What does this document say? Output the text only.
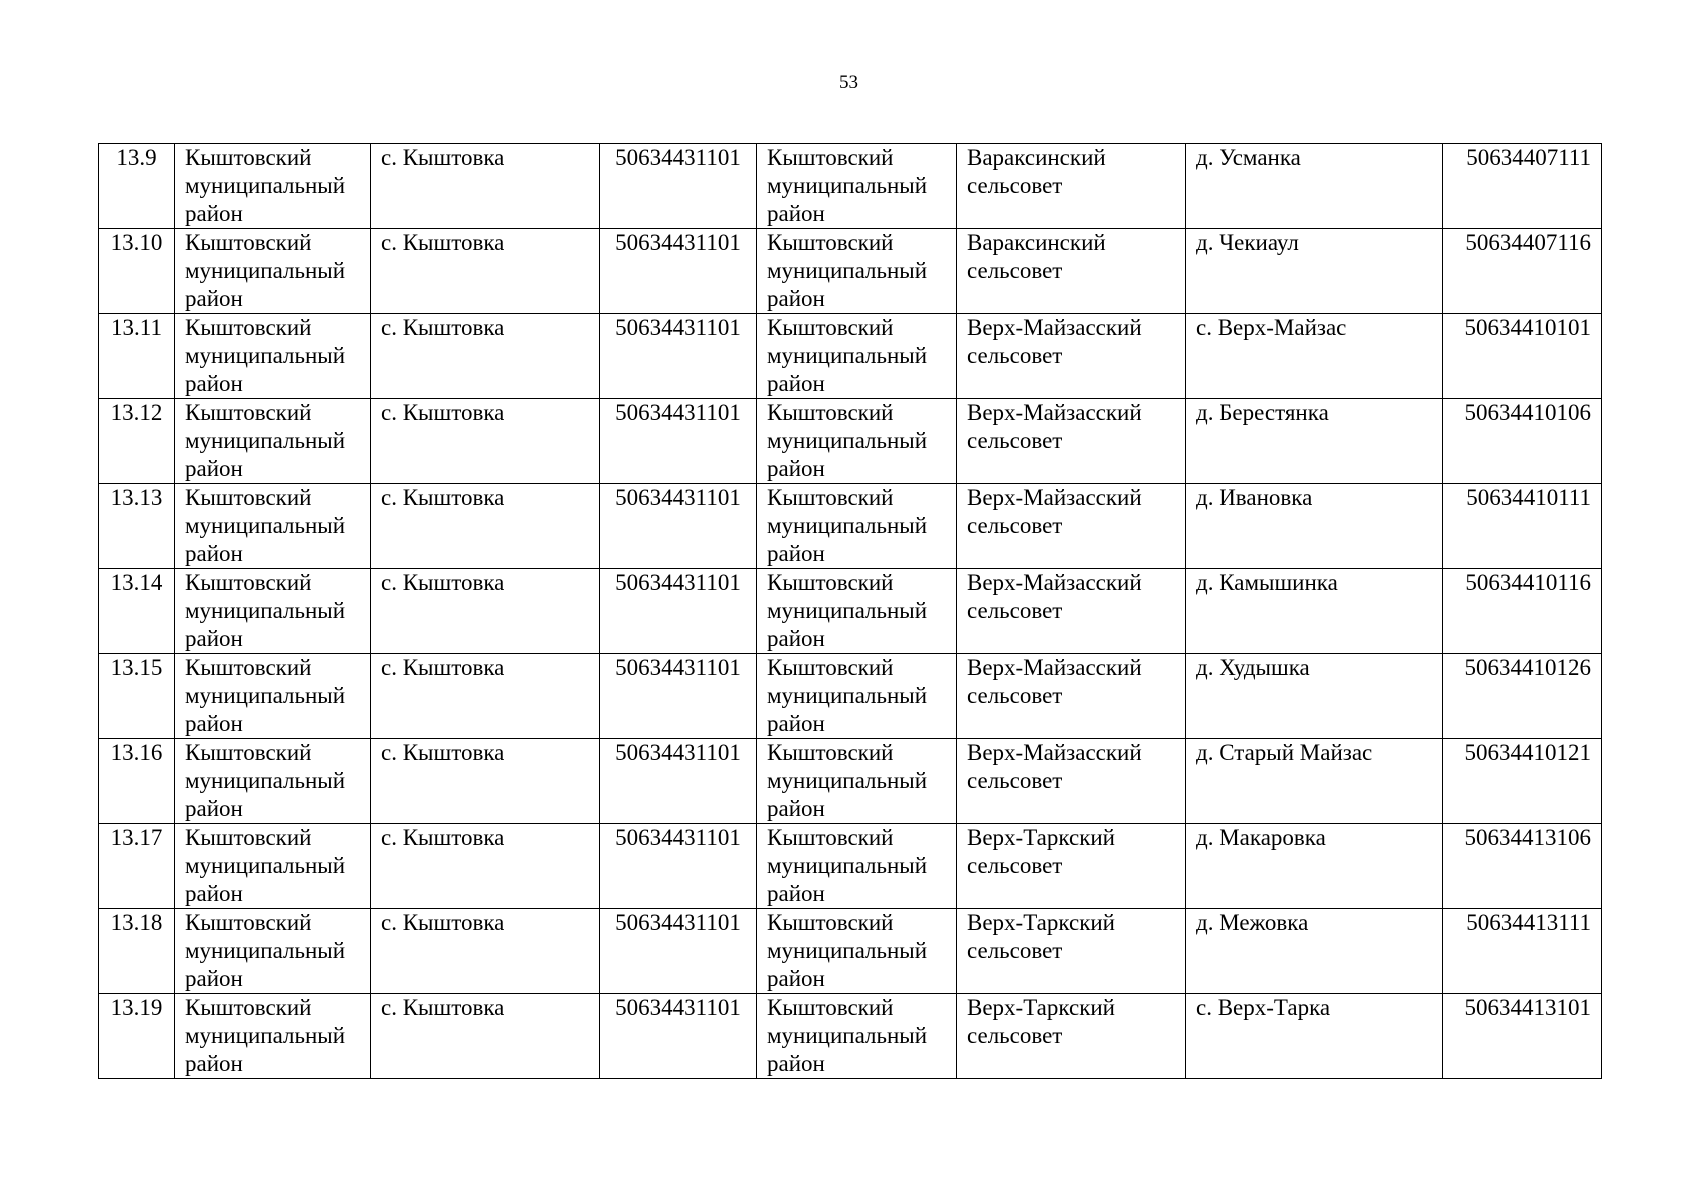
53
13.9	Кыштовский муниципальный район	с. Кыштовка	50634431101	Кыштовский муниципальный район	Вараксинский сельсовет	д. Усманка	50634407111
13.10	Кыштовский муниципальный район	с. Кыштовка	50634431101	Кыштовский муниципальный район	Вараксинский сельсовет	д. Чекиаул	50634407116
13.11	Кыштовский муниципальный район	с. Кыштовка	50634431101	Кыштовский муниципальный район	Верх-Майзасский сельсовет	с. Верх-Майзас	50634410101
13.12	Кыштовский муниципальный район	с. Кыштовка	50634431101	Кыштовский муниципальный район	Верх-Майзасский сельсовет	д. Берестянка	50634410106
13.13	Кыштовский муниципальный район	с. Кыштовка	50634431101	Кыштовский муниципальный район	Верх-Майзасский сельсовет	д. Ивановка	50634410111
13.14	Кыштовский муниципальный район	с. Кыштовка	50634431101	Кыштовский муниципальный район	Верх-Майзасский сельсовет	д. Камышинка	50634410116
13.15	Кыштовский муниципальный район	с. Кыштовка	50634431101	Кыштовский муниципальный район	Верх-Майзасский сельсовет	д. Худышка	50634410126
13.16	Кыштовский муниципальный район	с. Кыштовка	50634431101	Кыштовский муниципальный район	Верх-Майзасский сельсовет	д. Старый Майзас	50634410121
13.17	Кыштовский муниципальный район	с. Кыштовка	50634431101	Кыштовский муниципальный район	Верх-Таркский сельсовет	д. Макаровка	50634413106
13.18	Кыштовский муниципальный район	с. Кыштовка	50634431101	Кыштовский муниципальный район	Верх-Таркский сельсовет	д. Межовка	50634413111
13.19	Кыштовский муниципальный район	с. Кыштовка	50634431101	Кыштовский муниципальный район	Верх-Таркский сельсовет	с. Верх-Тарка	50634413101
